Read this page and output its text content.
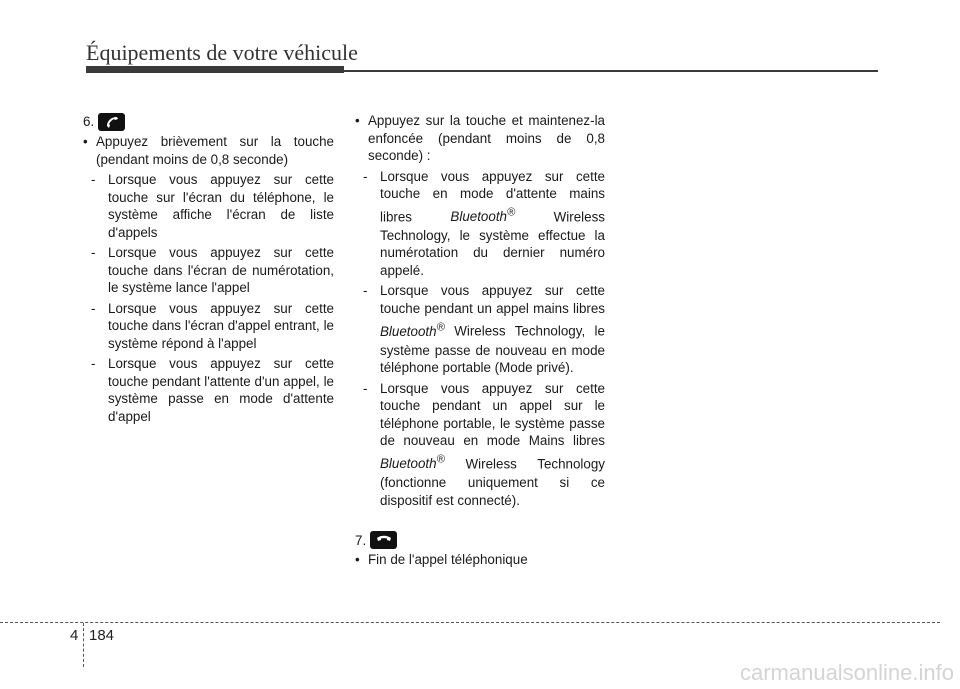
Équipements de votre véhicule
6.
• Appuyez brièvement sur la touche (pendant moins de 0,8 seconde)
- Lorsque vous appuyez sur cette touche sur l'écran du téléphone, le système affiche l'écran de liste d'appels
- Lorsque vous appuyez sur cette touche dans l'écran de numérotation, le système lance l'appel
- Lorsque vous appuyez sur cette touche dans l'écran d'appel entrant, le système répond à l'appel
- Lorsque vous appuyez sur cette touche pendant l'attente d'un appel, le système passe en mode d'attente d'appel
• Appuyez sur la touche et maintenez-la enfoncée (pendant moins de 0,8 seconde) :
- Lorsque vous appuyez sur cette touche en mode d'attente mains libres	Bluetooth®	Wireless Technology, le système effectue la numérotation du dernier numéro appelé.
- Lorsque vous appuyez sur cette touche pendant un appel mains libres Bluetooth® Wireless Technology, le système passe de nouveau en mode téléphone portable (Mode privé).
- Lorsque vous appuyez sur cette touche pendant un appel sur le téléphone portable, le système passe de nouveau en mode Mains libres Bluetooth® Wireless Technology (fonctionne uniquement si ce dispositif est connecté).
7.
• Fin de l'appel téléphonique
4 184
carmanualsonline.info
